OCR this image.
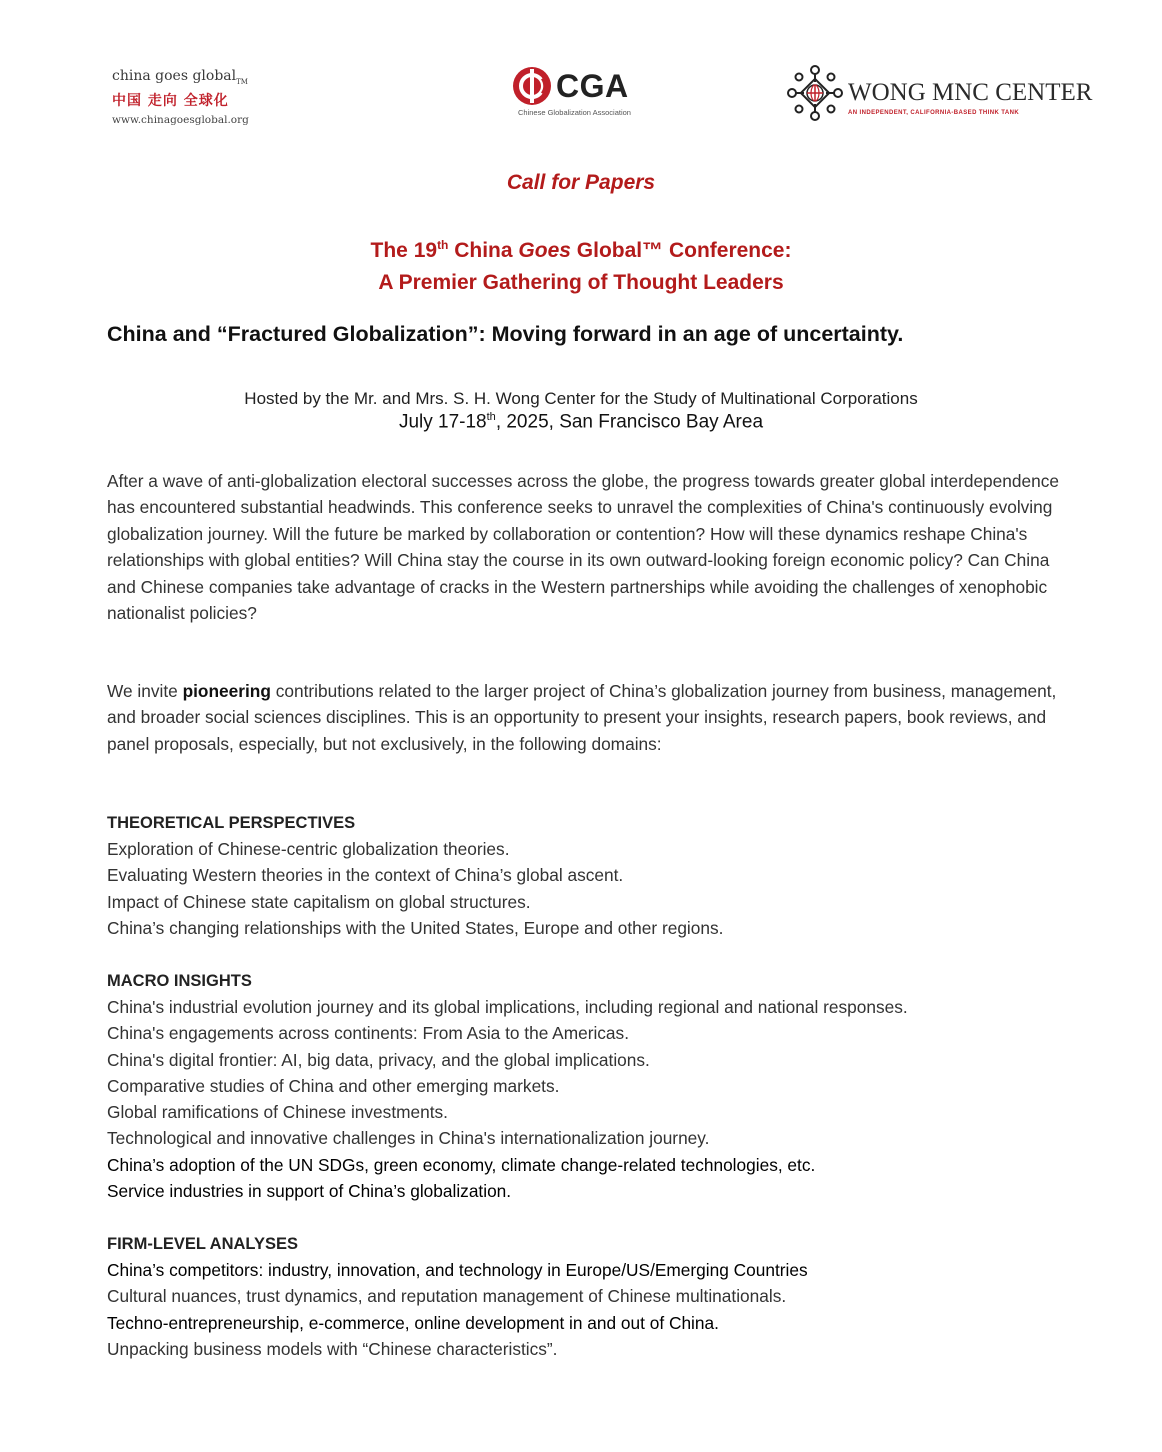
china goes global$_{TM}$
中国 走向 全球化
www.chinagoesglobal.org
CGA
Chinese Globalization Association
WONG MNC CENTER
AN INDEPENDENT, CALIFORNIA-BASED THINK TANK
Call for Papers
The 19th China Goes Global™ Conference:
A Premier Gathering of Thought Leaders
China and “Fractured Globalization”: Moving forward in an age of uncertainty.
Hosted by the Mr. and Mrs. S. H. Wong Center for the Study of Multinational Corporations
July 17-18th, 2025, San Francisco Bay Area
After a wave of anti-globalization electoral successes across the globe, the progress towards greater global interdependence has encountered substantial headwinds. This conference seeks to unravel the complexities of China's continuously evolving globalization journey. Will the future be marked by collaboration or contention? How will these dynamics reshape China's relationships with global entities? Will China stay the course in its own outward-looking foreign economic policy? Can China and Chinese companies take advantage of cracks in the Western partnerships while avoiding the challenges of xenophobic nationalist policies?
We invite pioneering contributions related to the larger project of China’s globalization journey from business, management, and broader social sciences disciplines. This is an opportunity to present your insights, research papers, book reviews, and panel proposals, especially, but not exclusively, in the following domains:
THEORETICAL PERSPECTIVES
Exploration of Chinese-centric globalization theories.
Evaluating Western theories in the context of China’s global ascent.
Impact of Chinese state capitalism on global structures.
China’s changing relationships with the United States, Europe and other regions.
MACRO INSIGHTS
China's industrial evolution journey and its global implications, including regional and national responses.
China's engagements across continents: From Asia to the Americas.
China's digital frontier: AI, big data, privacy, and the global implications.
Comparative studies of China and other emerging markets.
Global ramifications of Chinese investments.
Technological and innovative challenges in China's internationalization journey.
China’s adoption of the UN SDGs, green economy, climate change-related technologies, etc.
Service industries in support of China’s globalization.
FIRM-LEVEL ANALYSES
China’s competitors: industry, innovation, and technology in Europe/US/Emerging Countries
Cultural nuances, trust dynamics, and reputation management of Chinese multinationals.
Techno-entrepreneurship, e-commerce, online development in and out of China.
Unpacking business models with “Chinese characteristics”.
